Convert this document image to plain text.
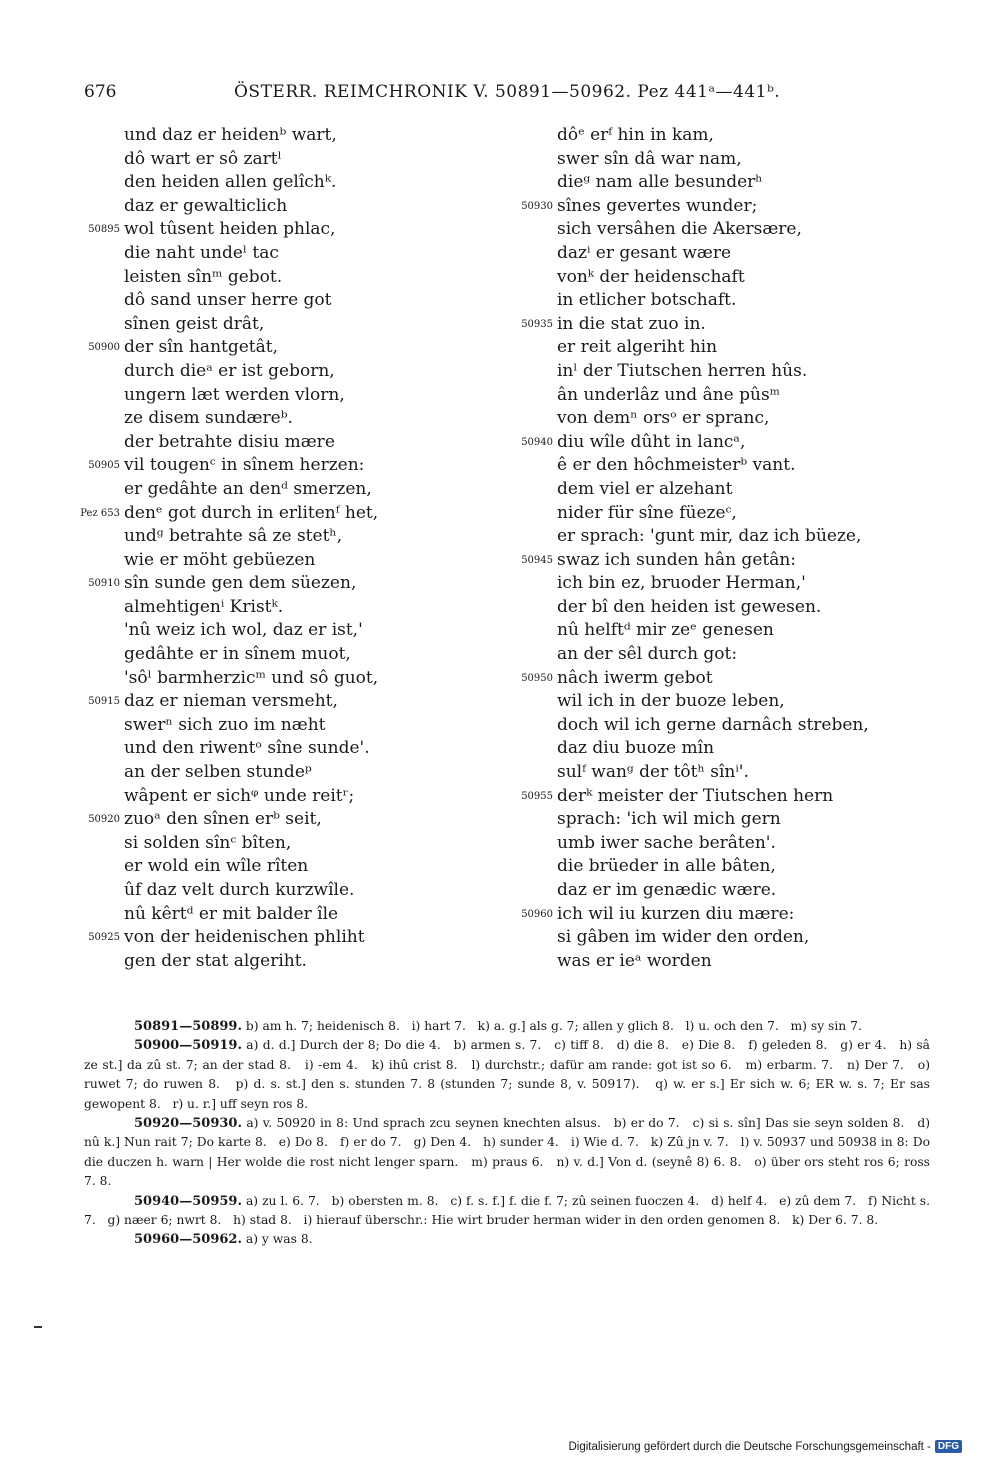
676	ÖSTERR. REIMCHRONIK V. 50891—50962. Pez 441ᵃ—441ᵇ.
und daz er heidenᵇ wart,
dô wart er sô zartˡ
den heiden allen gelîchᵏ.
daz er gewalticlich
50895 wol tûsent heiden phlac,
die naht undeˡ tac
leisten sînᵐ gebot.
dô sand unser herre got
sînen geist drât,
50900 der sîn hantgetât,
durch dieᵃ er ist geborn,
ungern læt werden vlorn,
ze disem sundæreᵇ.
der betrahte disiu mære
50905 vil tougenᶜ in sînem herzen:
er gedâhte an denᵈ smerzen,
Pez 653 denᵉ got durch in erlitenᶠ het,
undᵍ betrahte sâ ze stetʰ,
wie er möht gebüezen
50910 sîn sunde gen dem süezen,
almehtigenⁱ Kristᵏ.
'nû weiz ich wol, daz er ist,'
gedâhte er in sînem muot,
'sôˡ barmherzicᵐ und sô guot,
50915 daz er nieman versmeht,
swerⁿ sich zuo im næht
und den riwentᵒ sîne sunde'.
an der selben stundeᵖ
wâpent er sichᵠ unde reitʳ;
50920 zuoᵃ den sînen erᵇ seit,
si solden sînᶜ bîten,
er wold ein wîle rîten
ûf daz velt durch kurzwîle.
nû kêrtᵈ er mit balder île
50925 von der heidenischen phliht
gen der stat algeriht.
dôᵉ erᶠ hin in kam,
swer sîn dâ war nam,
dieᵍ nam alle besunderʰ
50930 sînes gevertes wunder;
sich versâhen die Akersære,
dazⁱ er gesant wære
vonᵏ der heidenschaft
in etlicher botschaft.
50935 in die stat zuo in.
er reit algeriht hin
inˡ der Tiutschen herren hûs.
ân underlâz und âne pûsᵐ
von demⁿ orsᵒ er spranc,
50940 diu wîle dûht in lancᵃ,
ê er den hôchmeisterᵇ vant.
dem viel er alzehant
nider für sîne füezeᶜ,
er sprach: 'gunt mir, daz ich büeze,
50945 swaz ich sunden hân getân:
ich bin ez, bruoder Herman,'
der bî den heiden ist gewesen.
nû helftᵈ mir zeᵉ genesen
an der sêl durch got:
50950 nâch iwerm gebot
wil ich in der buoze leben,
doch wil ich gerne darnâch streben,
daz diu buoze mîn
sulᶠ wanᵍ der tôtʰ sînⁱ'.
50955 derᵏ meister der Tiutschen hern
sprach: 'ich wil mich gern
umb iwer sache berâten'.
die brüeder in alle bâten,
daz er im genædic wære.
50960 ich wil iu kurzen diu mære:
si gâben im wider den orden,
was er ieᵃ worden
50891—50899. b) am h. 7; heidenisch 8.   i) hart 7.   k) a. g.] als g. 7; allen y glich 8.   l) u. och den 7.   m) sy sin 7.
50900—50919. a) d. d.] Durch der 8; Do die 4.   b) armen s. 7.   c) tiff 8.   d) die 8.   e) Die 8.   f) geleden 8.   g) er 4.   h) sâ ze st.] da zû st. 7; an der stad 8.   i) -em 4.   k) ihû crist 8.   l) durchstr.; dafür am rande: got ist so 6.   m) erbarm. 7.   n) Der 7.   o) ruwet 7; do ruwen 8.   p) d. s. st.] den s. stunden 7. 8 (stunden 7; sunde 8, v. 50917).   q) w. er s.] Er sich w. 6; ER w. s. 7; Er sas gewopent 8.   r) u. r.] uff seyn ros 8.
50920—50930. a) v. 50920 in 8: Und sprach zcu seynen knechten alsus.   b) er do 7.   c) si s. sîn] Das sie seyn solden 8.   d) nû k.] Nun rait 7; Do karte 8.   e) Do 8.   f) er do 7.   g) Den 4.   h) sunder 4.   i) Wie d. 7.   k) Zû jn v. 7.   l) v. 50937 und 50938 in 8: Do die duczen h. warn | Her wolde die rost nicht lenger sparn.   m) praus 6.   n) v. d.] Von d. (seynê 8) 6. 8.   o) über ors steht ros 6; ross 7. 8.
50940—50959. a) zu l. 6. 7.   b) obersten m. 8.   c) f. s. f.] f. die f. 7; zû seinen fuoczen 4.   d) helf 4.   e) zû dem 7.   f) Nicht s. 7.   g) næer 6; nwrt 8.   h) stad 8.   i) hierauf überschr.: Hie wirt bruder herman wider in den orden genomen 8.   k) Der 6. 7. 8.
50960—50962. a) y was 8.
Digitalisierung gefördert durch die Deutsche Forschungsgemeinschaft - DFG
